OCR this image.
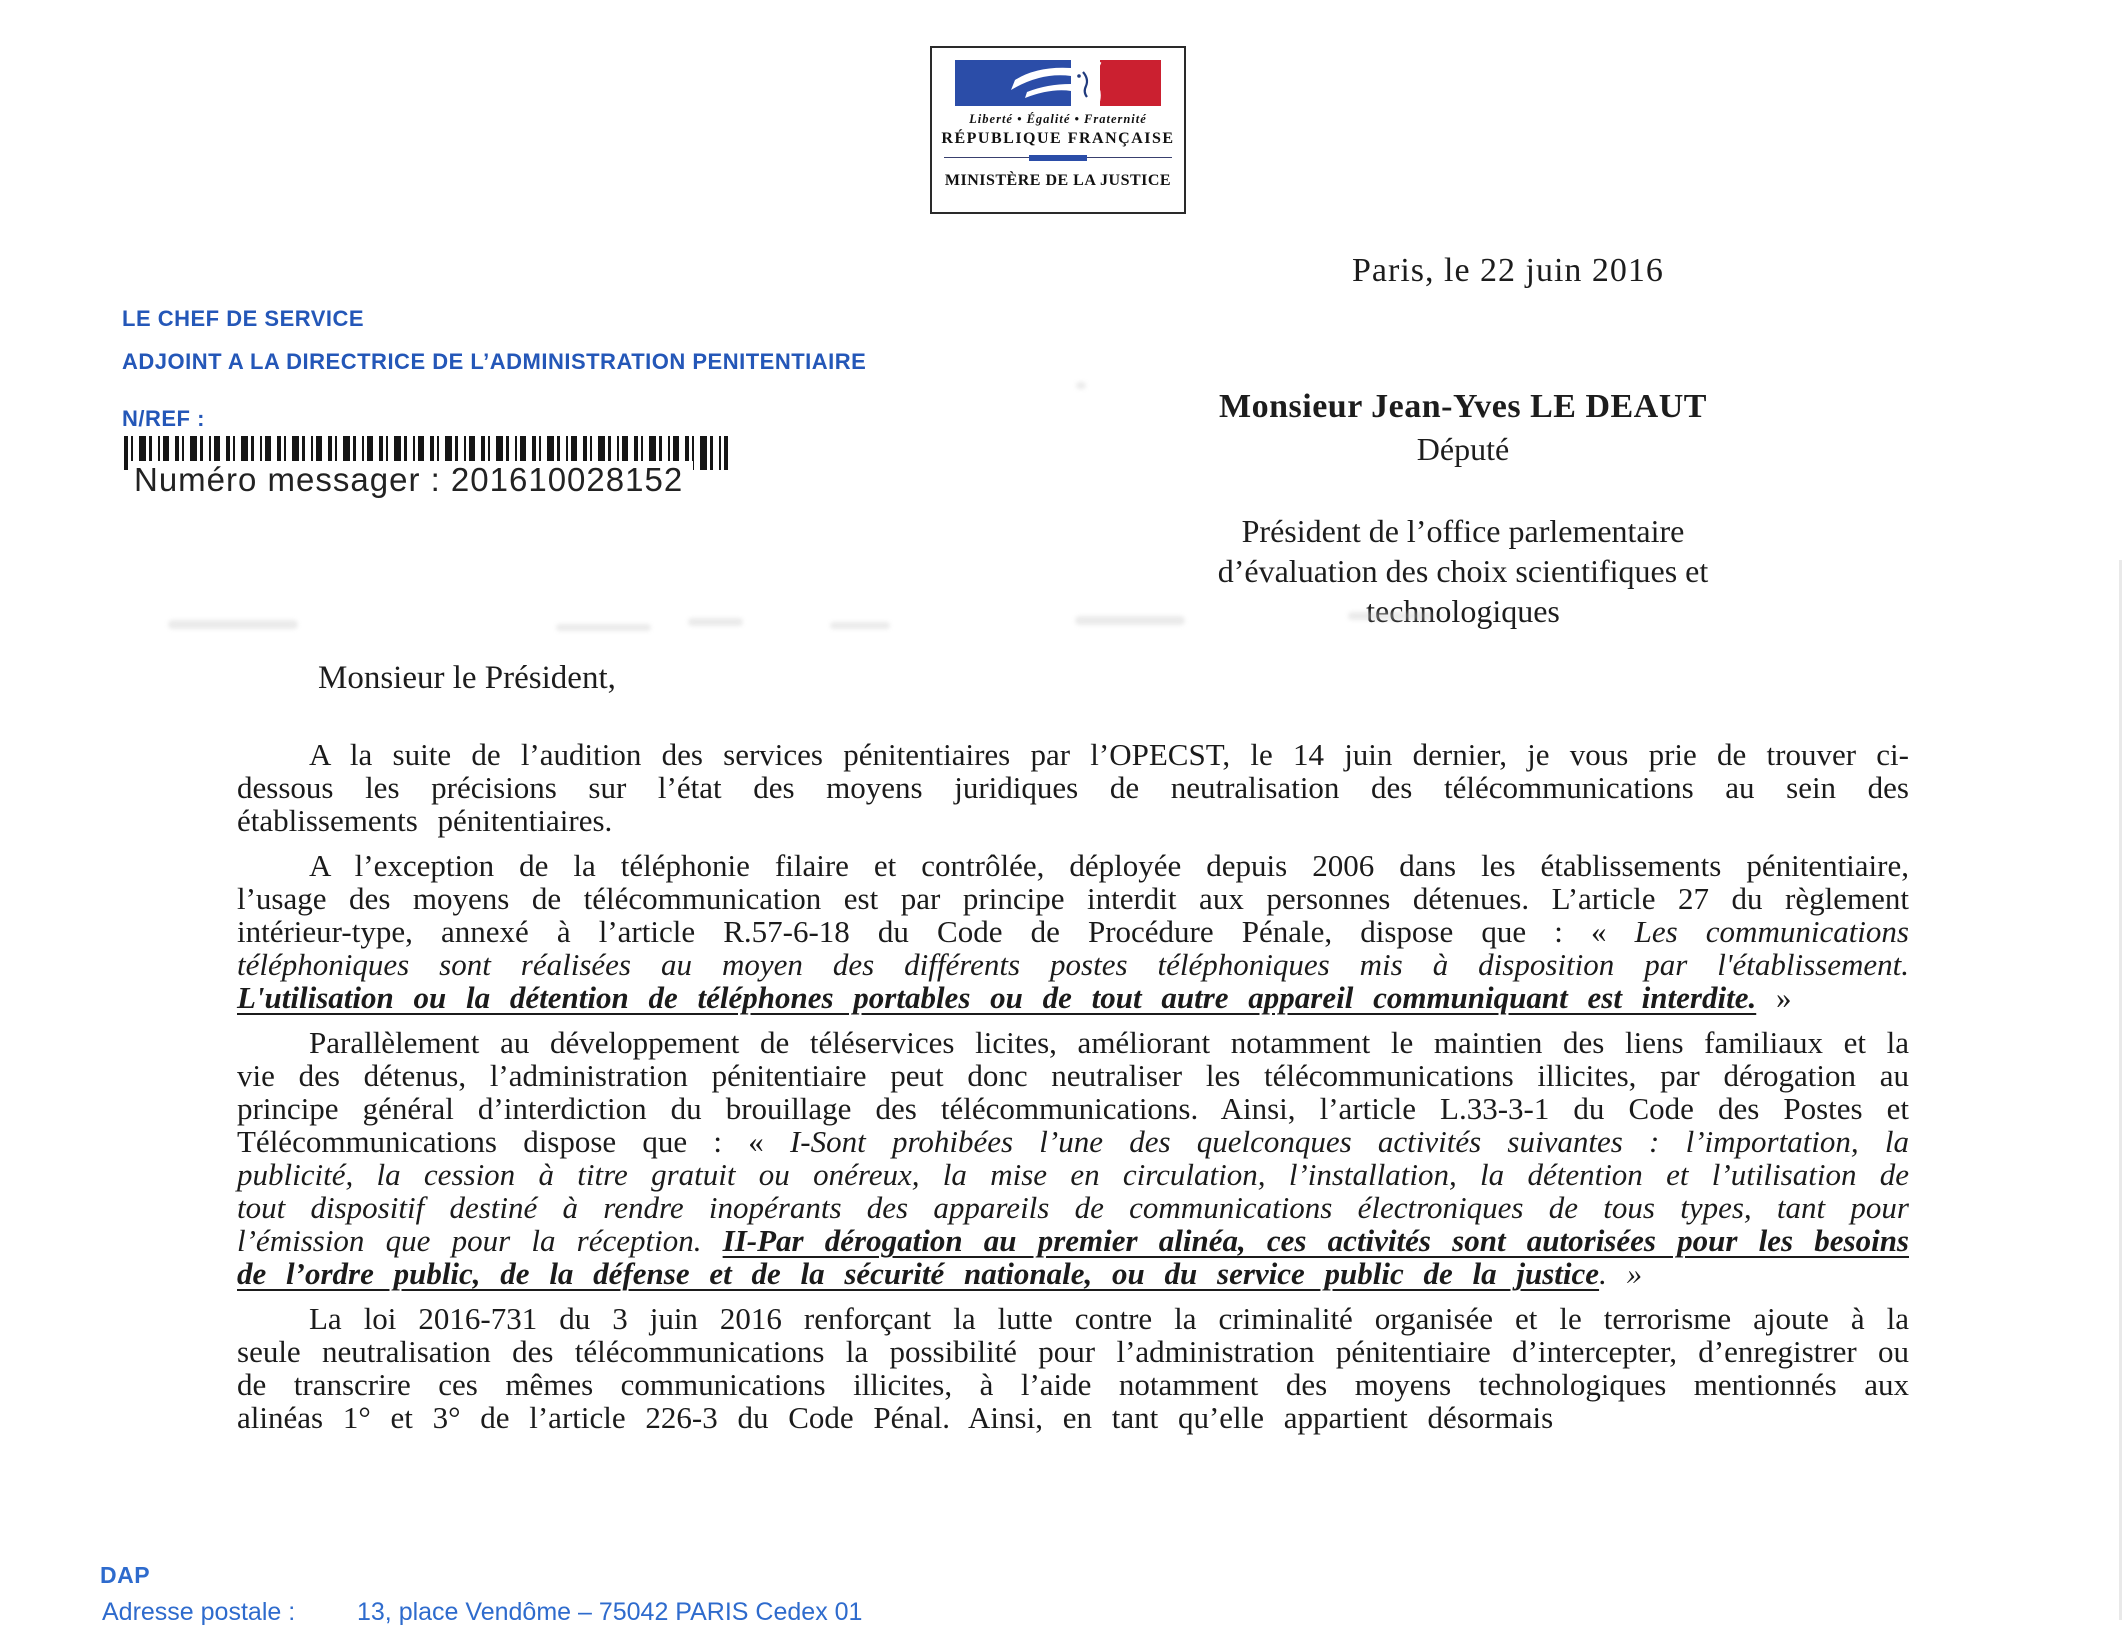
Liberté • Égalité • Fraternité
RÉPUBLIQUE FRANÇAISE
MINISTÈRE DE LA JUSTICE
Paris, le 22 juin 2016
LE CHEF DE SERVICE
ADJOINT A LA DIRECTRICE DE L’ADMINISTRATION PENITENTIAIRE
N/REF :
Numéro messager : 201610028152
Monsieur Jean-Yves LE DEAUT
Député
Président de l’office parlementaire
d’évaluation des choix scientifiques et
technologiques
Monsieur le Président,

A la suite de l’audition des services pénitentiaires par l’OPECST, le 14 juin dernier, je vous prie de trouver ci-dessous les précisions sur l’état des moyens juridiques de neutralisation des télécommunications au sein des établissements pénitentiaires.

A l’exception de la téléphonie filaire et contrôlée, déployée depuis 2006 dans les établissements pénitentiaire, l’usage des moyens de télécommunication est par principe interdit aux personnes détenues. L’article 27 du règlement intérieur-type, annexé à l’article R.57-6-18 du Code de Procédure Pénale, dispose que : « Les communications téléphoniques sont réalisées au moyen des différents postes téléphoniques mis à disposition par l'établissement. L'utilisation ou la détention de téléphones portables ou de tout autre appareil communiquant est interdite. »

Parallèlement au développement de téléservices licites, améliorant notamment le maintien des liens familiaux et la vie des détenus, l’administration pénitentiaire peut donc neutraliser les télécommunications illicites, par dérogation au principe général d’interdiction du brouillage des télécommunications. Ainsi, l’article L.33-3-1 du Code des Postes et Télécommunications dispose que : « I-Sont prohibées l’une des quelconques activités suivantes : l’importation, la publicité, la cession à titre gratuit ou onéreux, la mise en circulation, l’installation, la détention et l’utilisation de tout dispositif destiné à rendre inopérants des appareils de communications électroniques de tous types, tant pour l’émission que pour la réception. II-Par dérogation au premier alinéa, ces activités sont autorisées pour les besoins de l’ordre public, de la défense et de la sécurité nationale, ou du service public de la justice. »

La loi 2016-731 du 3 juin 2016 renforçant la lutte contre la criminalité organisée et le terrorisme ajoute à la seule neutralisation des télécommunications la possibilité pour l’administration pénitentiaire d’intercepter, d’enregistrer ou de transcrire ces mêmes communications illicites, à l’aide notamment des moyens technologiques mentionnés aux alinéas 1° et 3° de l’article 226-3 du Code Pénal. Ainsi, en tant qu’elle appartient désormais

DAP
Adresse postale : 13, place Vendôme – 75042 PARIS Cedex 01
